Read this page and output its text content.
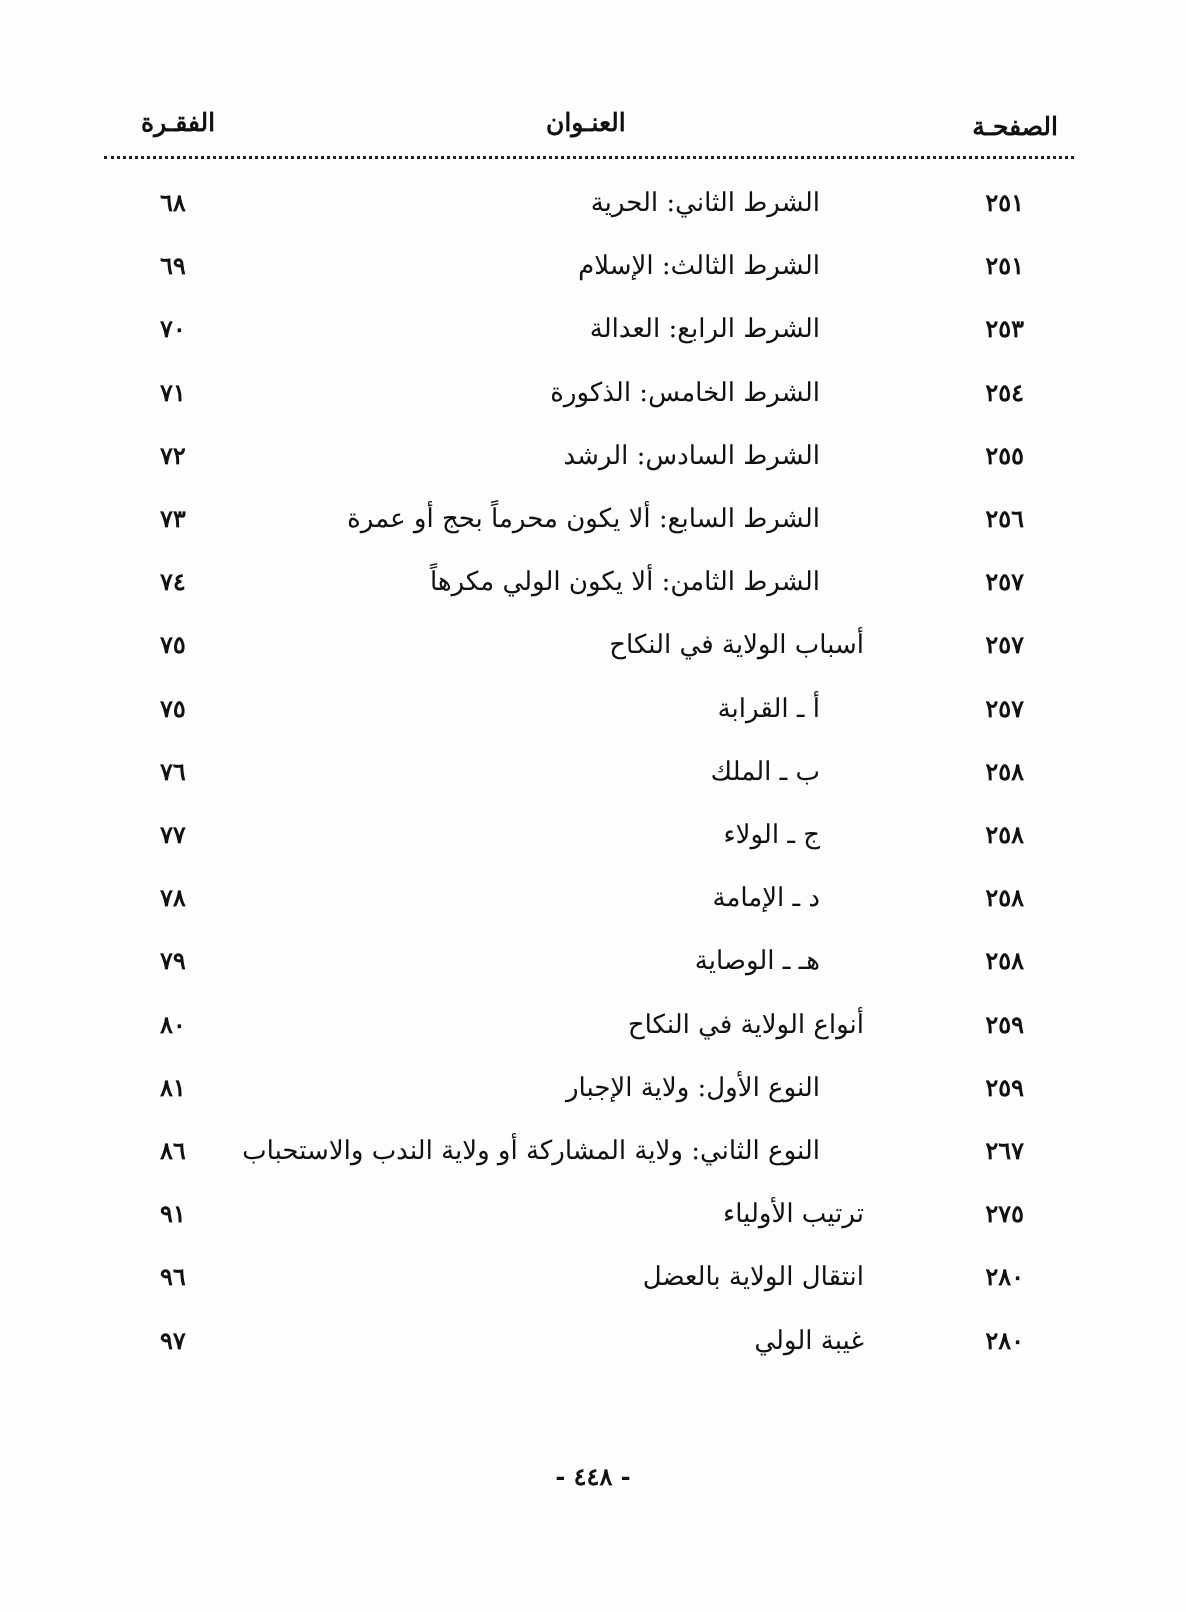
الصفحـة
العنـوان
الفقـرة
٢٥١
الشرط الثاني: الحرية
٦٨
٢٥١
الشرط الثالث: الإسلام
٦٩
٢٥٣
الشرط الرابع: العدالة
٧٠
٢٥٤
الشرط الخامس: الذكورة
٧١
٢٥٥
الشرط السادس: الرشد
٧٢
٢٥٦
الشرط السابع: ألا يكون محرماً بحج أو عمرة
٧٣
٢٥٧
الشرط الثامن: ألا يكون الولي مكرهاً
٧٤
٢٥٧
أسباب الولاية في النكاح
٧٥
٢٥٧
أ ـ القرابة
٧٥
٢٥٨
ب ـ الملك
٧٦
٢٥٨
ج ـ الولاء
٧٧
٢٥٨
د ـ الإمامة
٧٨
٢٥٨
هـ ـ الوصاية
٧٩
٢٥٩
أنواع الولاية في النكاح
٨٠
٢٥٩
النوع الأول: ولاية الإجبار
٨١
٢٦٧
النوع الثاني: ولاية المشاركة أو ولاية الندب والاستحباب
٨٦
٢٧٥
ترتيب الأولياء
٩١
٢٨٠
انتقال الولاية بالعضل
٩٦
٢٨٠
غيبة الولي
٩٧
- ٤٤٨ -
